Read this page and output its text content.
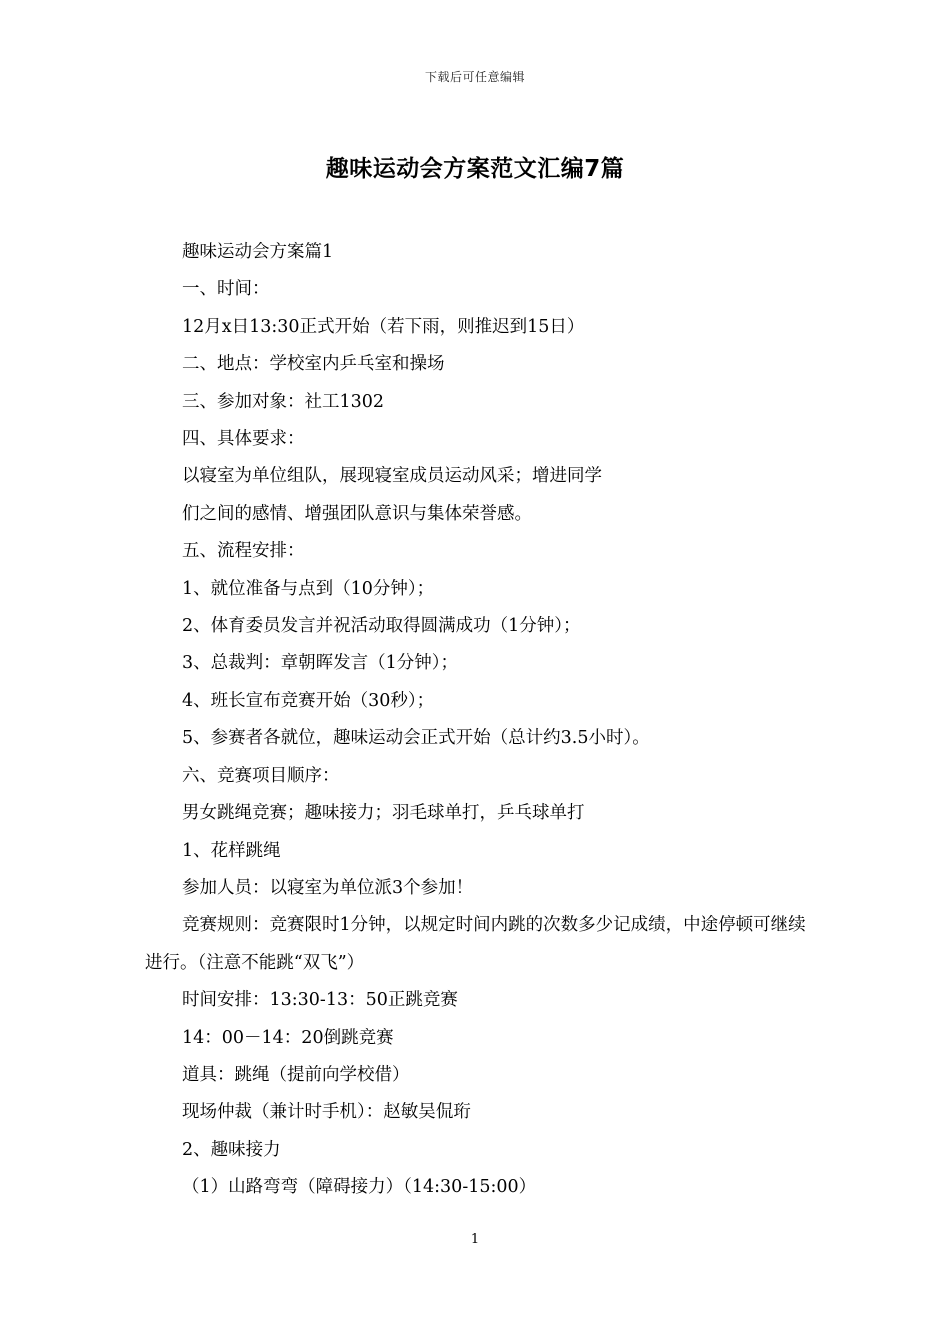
下载后可任意编辑
趣味运动会方案范文汇编7篇

趣味运动会方案篇1

一、时间：

12月x日13:30正式开始（若下雨，则推迟到15日）

二、地点：学校室内乒乓室和操场

三、参加对象：社工1302

四、具体要求：

以寝室为单位组队，展现寝室成员运动风采；增进同学

们之间的感情、增强团队意识与集体荣誉感。

五、流程安排：

1、就位准备与点到（10分钟）；

2、体育委员发言并祝活动取得圆满成功（1分钟）；

3、总裁判：章朝晖发言（1分钟）；

4、班长宣布竞赛开始（30秒）；

5、参赛者各就位，趣味运动会正式开始（总计约3.5小时）。

六、竞赛项目顺序：

男女跳绳竞赛；趣味接力；羽毛球单打，乒乓球单打

1、花样跳绳

参加人员：以寝室为单位派3个参加！

竞赛规则：竞赛限时1分钟，以规定时间内跳的次数多少记成绩，中途停顿可继续进行。（注意不能跳“双飞”）

时间安排：13:30-13：50正跳竞赛

14：00－14：20倒跳竞赛

道具：跳绳（提前向学校借）

现场仲裁（兼计时手机）：赵敏吴侃珩

2、趣味接力

（1）山路弯弯（障碍接力）（14:30-15:00）

1
